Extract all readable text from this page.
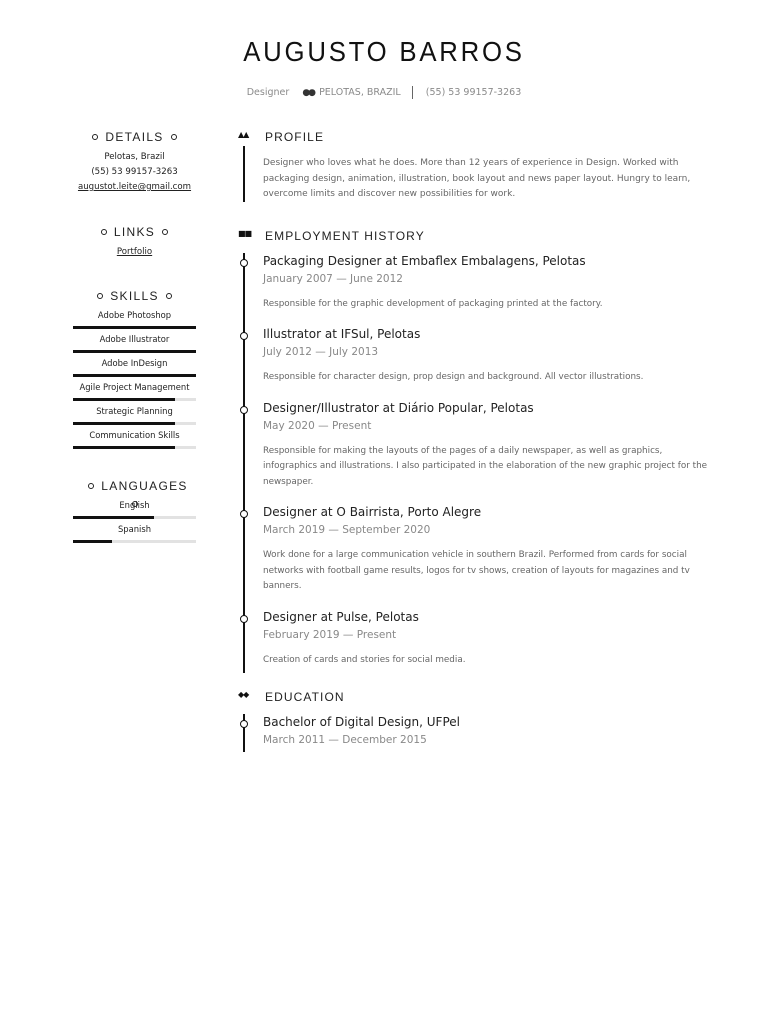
AUGUSTO BARROS
Designer ●● PELOTAS, BRAZIL	(55) 53 99157-3263
DETAILS
Pelotas, Brazil
(55) 53 99157-3263
augustot.leite@gmail.com
LINKS
Portfolio
SKILLS
Adobe Photoshop
Adobe Illustrator
Adobe InDesign
Agile Project Management
Strategic Planning
Communication Skills
LANGUAGES
English
Spanish
▲▲	PROFILE
Designer who loves what he does. More than 12 years of experience in Design. Worked with packaging design, animation, illustration, book layout and news paper layout. Hungry to learn, overcome limits and discover new possibilities for work.
■■ EMPLOYMENT HISTORY
Packaging Designer at Embaflex Embalagens, Pelotas
January 2007 — June 2012
Responsible for the graphic development of packaging printed at the factory.
Illustrator at IFSul, Pelotas
July 2012 — July 2013
Responsible for character design, prop design and background. All vector illustrations.
Designer/Illustrator at Diário Popular, Pelotas
May 2020 — Present
Responsible for making the layouts of the pages of a daily newspaper, as well as graphics, infographics and illustrations. I also participated in the elaboration of the new graphic project for the newspaper.
Designer at O Bairrista, Porto Alegre
March 2019 — September 2020
Work done for a large communication vehicle in southern Brazil. Performed from cards for social networks with football game results, logos for tv shows, creation of layouts for magazines and tv banners.
Designer at Pulse, Pelotas
February 2019 — Present
Creation of cards and stories for social media.
◆◆	EDUCATION
Bachelor of Digital Design, UFPel
March 2011 — December 2015
